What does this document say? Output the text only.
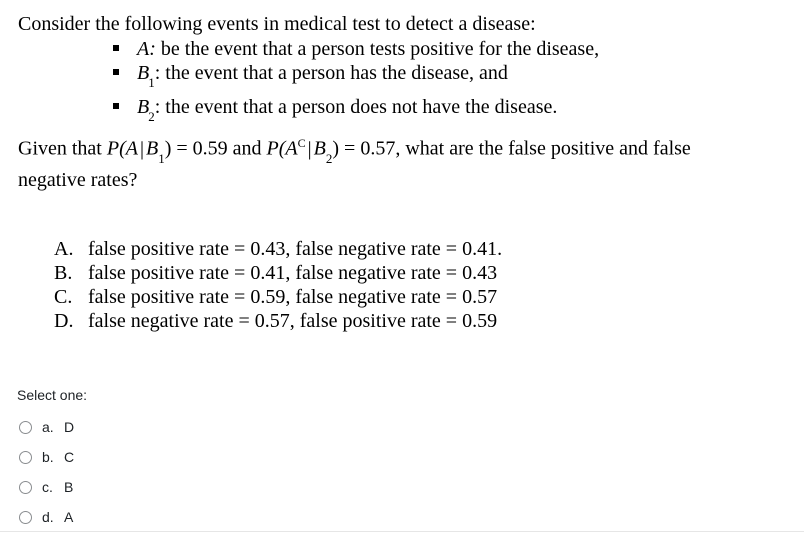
Consider the following events in medical test to detect a disease:
A: be the event that a person tests positive for the disease,
$B_1$: the event that a person has the disease, and
$B_2$: the event that a person does not have the disease.
Given that P(A | $B_1) = 0.59$ and $P(A^C$ | $B_2) = 0.57$, what are the false positive and false
negative rates?
A. false positive rate = 0.43, false negative rate = 0.41.
B. false positive rate = 0.41, false negative rate = 0.43
C. false positive rate = 0.59, false negative rate = 0.57
D. false negative rate = 0.57, false positive rate = 0.59
Select one:
a. D
b. C
c. B
d. A
